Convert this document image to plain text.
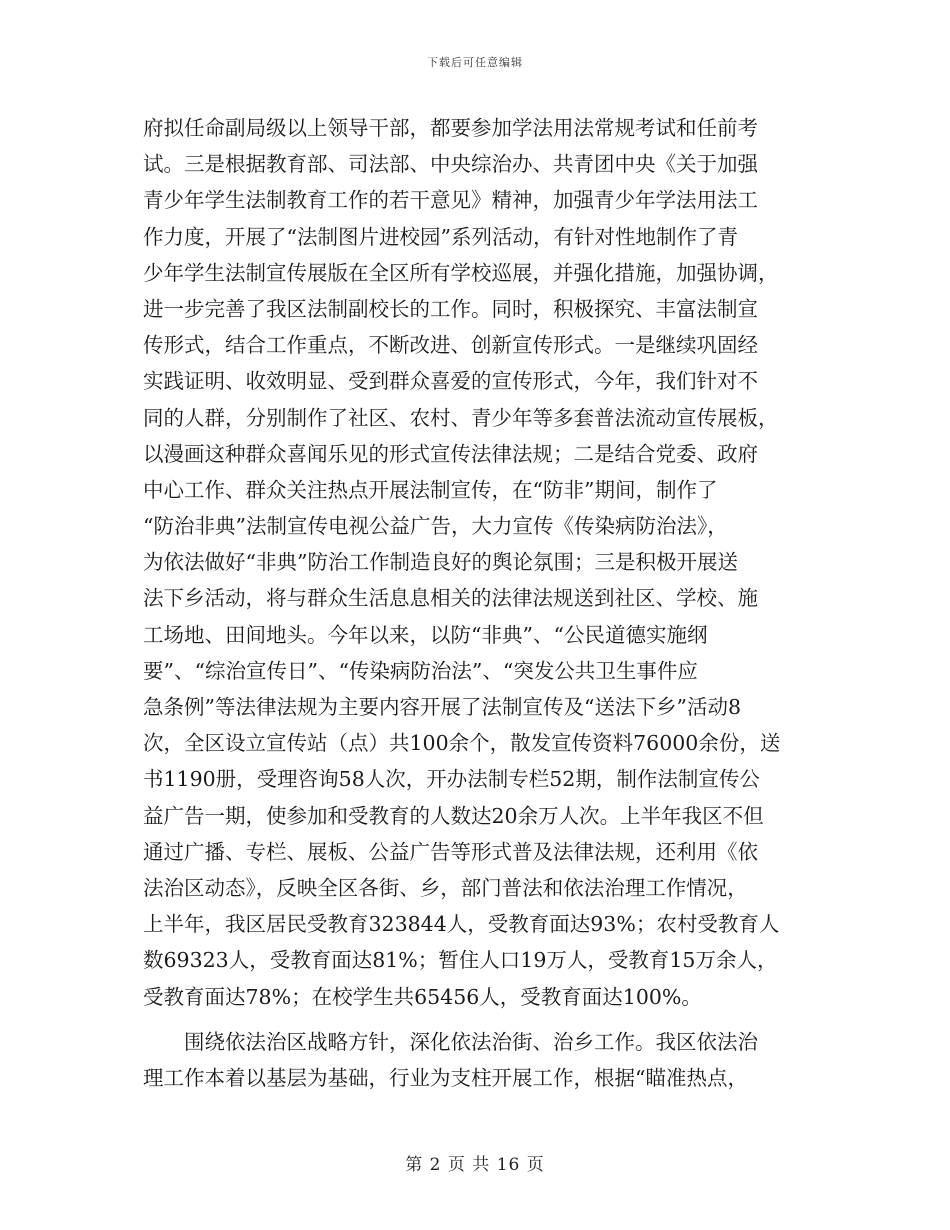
下载后可任意编辑
府拟任命副局级以上领导干部，都要参加学法用法常规考试和任前考
试。三是根据教育部、司法部、中央综治办、共青团中央《关于加强
青少年学生法制教育工作的若干意见》精神，加强青少年学法用法工
作力度，开展了“法制图片进校园”系列活动，有针对性地制作了青
少年学生法制宣传展版在全区所有学校巡展，并强化措施，加强协调，
进一步完善了我区法制副校长的工作。同时，积极探究、丰富法制宣
传形式，结合工作重点，不断改进、创新宣传形式。一是继续巩固经
实践证明、收效明显、受到群众喜爱的宣传形式，今年，我们针对不
同的人群，分别制作了社区、农村、青少年等多套普法流动宣传展板，
以漫画这种群众喜闻乐见的形式宣传法律法规；二是结合党委、政府
中心工作、群众关注热点开展法制宣传，在“防非”期间，制作了
“防治非典”法制宣传电视公益广告，大力宣传《传染病防治法》，
为依法做好“非典”防治工作制造良好的舆论氛围；三是积极开展送
法下乡活动，将与群众生活息息相关的法律法规送到社区、学校、施
工场地、田间地头。今年以来，以防“非典”、“公民道德实施纲
要”、“综治宣传日”、“传染病防治法”、“突发公共卫生事件应
急条例”等法律法规为主要内容开展了法制宣传及“送法下乡”活动8
次，全区设立宣传站（点）共100余个，散发宣传资料76000余份，送
书1190册，受理咨询58人次，开办法制专栏52期，制作法制宣传公
益广告一期，使参加和受教育的人数达20余万人次。上半年我区不但
通过广播、专栏、展板、公益广告等形式普及法律法规，还利用《依
法治区动态》，反映全区各街、乡，部门普法和依法治理工作情况，
上半年，我区居民受教育323844人，受教育面达93%；农村受教育人
数69323人，受教育面达81%；暂住人口19万人，受教育15万余人，
受教育面达78%；在校学生共65456人，受教育面达100%。
围绕依法治区战略方针，深化依法治街、治乡工作。我区依法治
理工作本着以基层为基础，行业为支柱开展工作，根据“瞄准热点，
第 2 页 共 16 页
